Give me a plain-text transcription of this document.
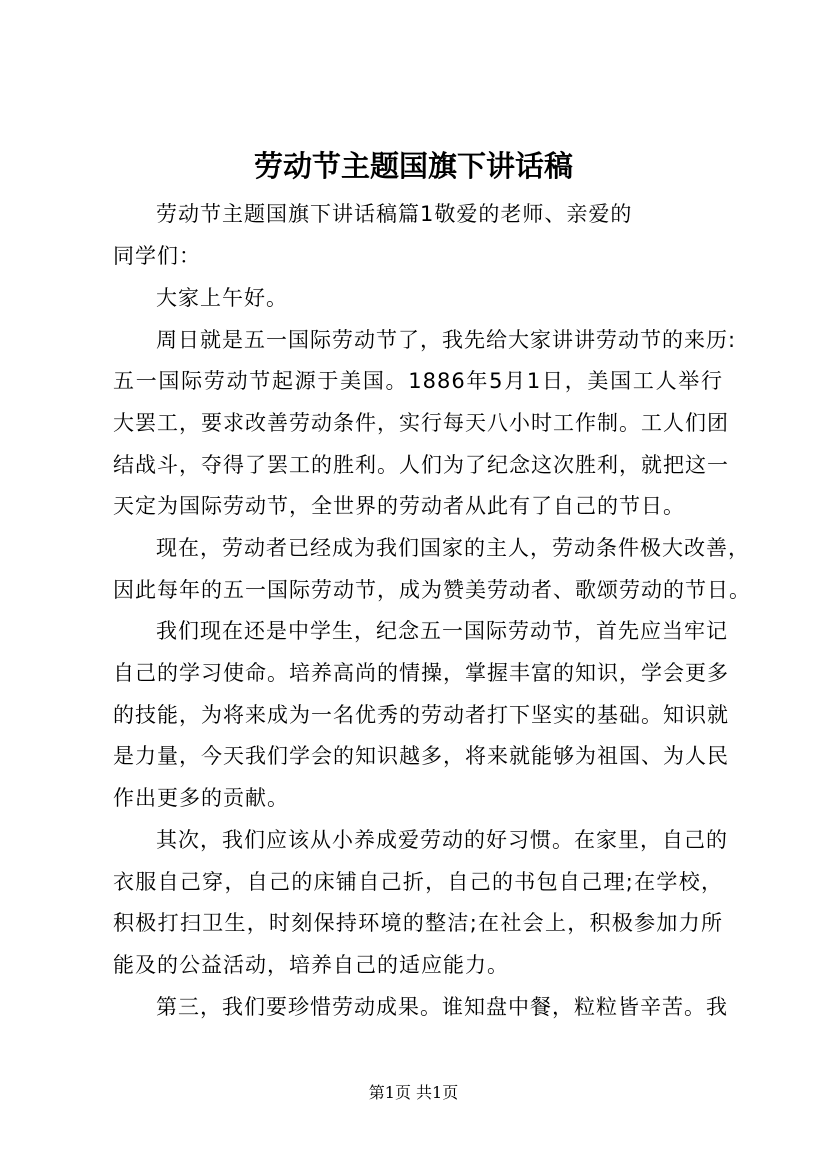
劳动节主题国旗下讲话稿
劳动节主题国旗下讲话稿篇1敬爱的老师、亲爱的
同学们：
大家上午好。
周日就是五一国际劳动节了，我先给大家讲讲劳动节的来历:
五一国际劳动节起源于美国。1886年5月1日，美国工人举行
大罢工，要求改善劳动条件，实行每天八小时工作制。工人们团
结战斗，夺得了罢工的胜利。人们为了纪念这次胜利，就把这一
天定为国际劳动节，全世界的劳动者从此有了自己的节日。
现在，劳动者已经成为我们国家的主人，劳动条件极大改善，
因此每年的五一国际劳动节，成为赞美劳动者、歌颂劳动的节日。
我们现在还是中学生，纪念五一国际劳动节，首先应当牢记
自己的学习使命。培养高尚的情操，掌握丰富的知识，学会更多
的技能，为将来成为一名优秀的劳动者打下坚实的基础。知识就
是力量，今天我们学会的知识越多，将来就能够为祖国、为人民
作出更多的贡献。
其次，我们应该从小养成爱劳动的好习惯。在家里，自己的
衣服自己穿，自己的床铺自己折，自己的书包自己理;在学校，
积极打扫卫生，时刻保持环境的整洁;在社会上，积极参加力所
能及的公益活动，培养自己的适应能力。
第三，我们要珍惜劳动成果。谁知盘中餐，粒粒皆辛苦。我
第1页 共1页
